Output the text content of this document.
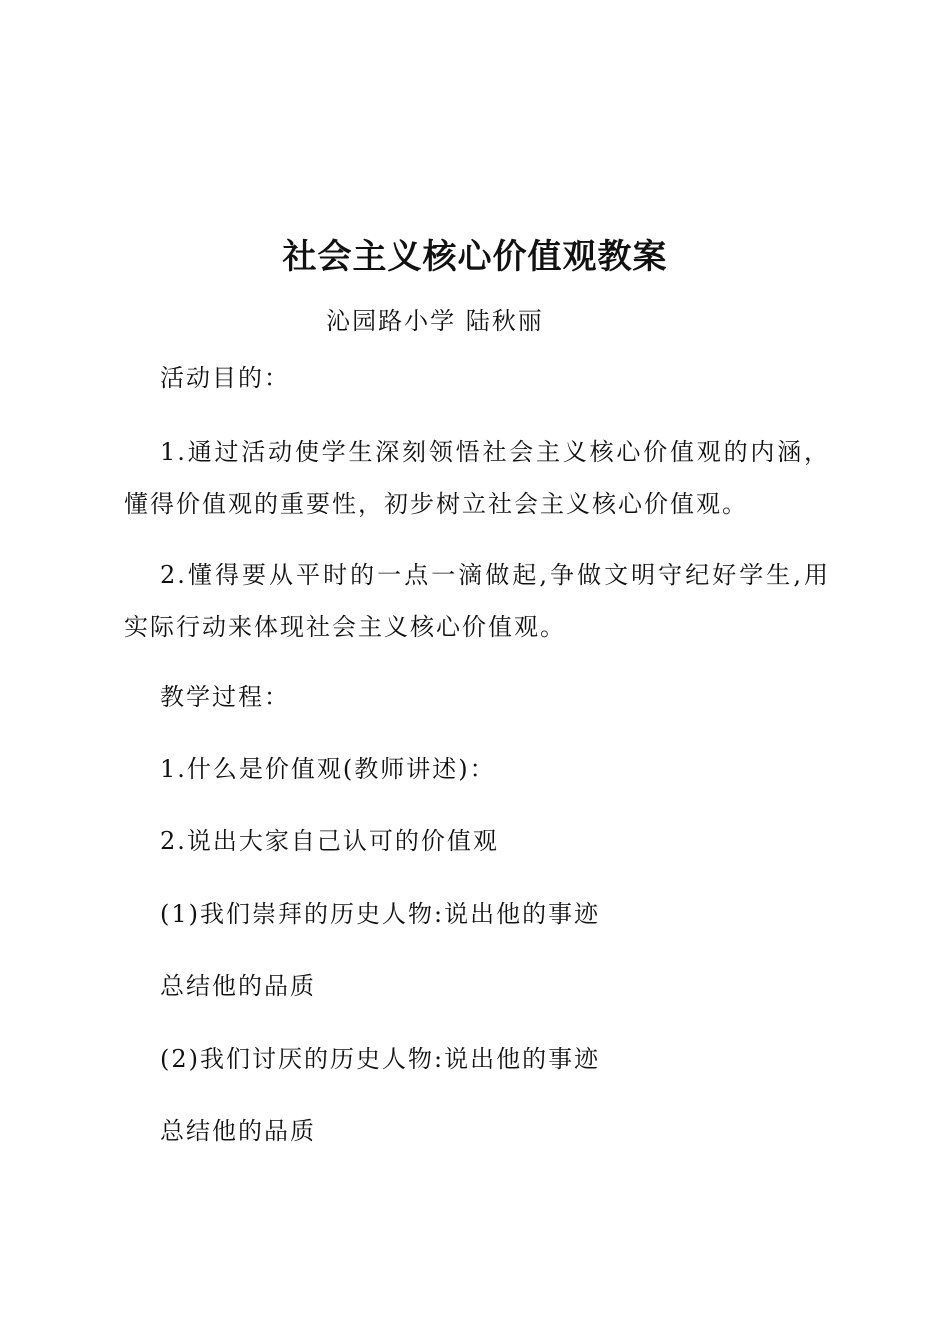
社会主义核心价值观教案
沁园路小学 陆秋丽

活动目的：

1.通过活动使学生深刻领悟社会主义核心价值观的内涵，懂得价值观的重要性，初步树立社会主义核心价值观。

2.懂得要从平时的一点一滴做起,争做文明守纪好学生,用实际行动来体现社会主义核心价值观。

教学过程：

1.什么是价值观(教师讲述)：

2.说出大家自己认可的价值观

(1)我们崇拜的历史人物:说出他的事迹

总结他的品质

(2)我们讨厌的历史人物:说出他的事迹

总结他的品质
